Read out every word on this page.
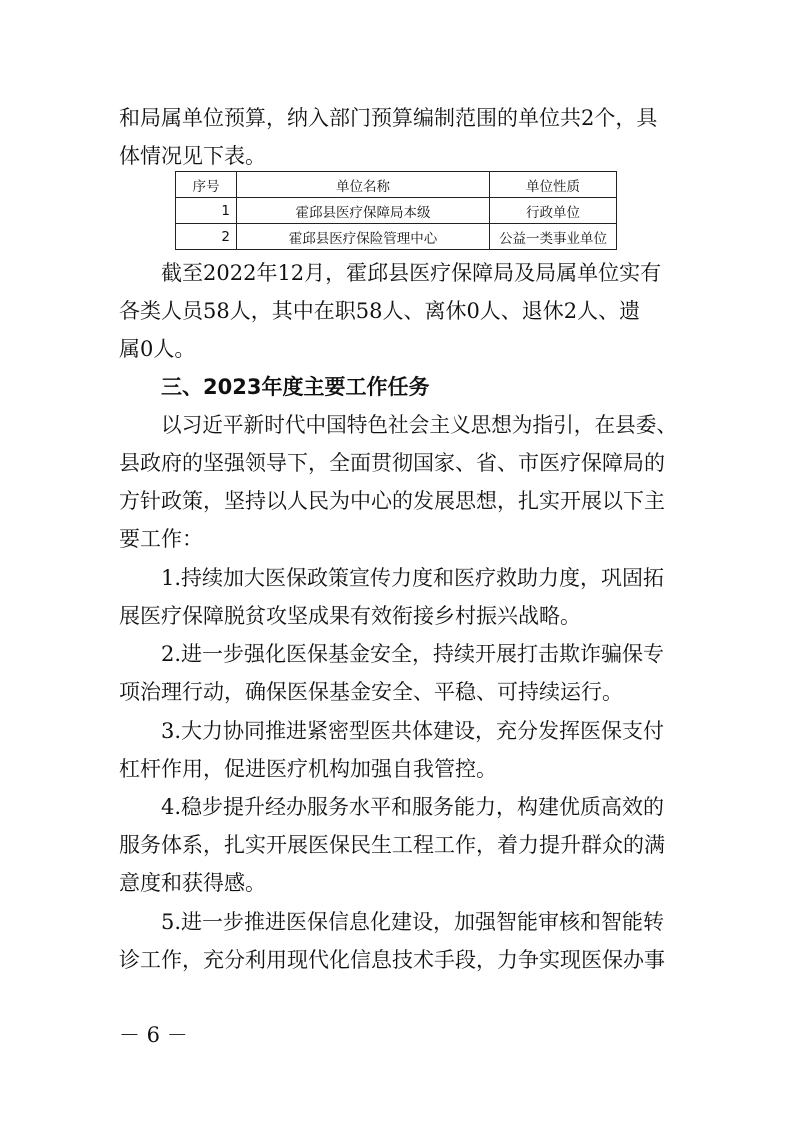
和局属单位预算，纳入部门预算编制范围的单位共2个，具
体情况见下表。
序号	单位名称	单位性质
1	霍邱县医疗保障局本级	行政单位
2	霍邱县医疗保险管理中心	公益一类事业单位
截至2022年12月，霍邱县医疗保障局及局属单位实有
各类人员58人，其中在职58人、离休0人、退休2人、遗
属0人。
三、2023年度主要工作任务
以习近平新时代中国特色社会主义思想为指引，在县委、
县政府的坚强领导下，全面贯彻国家、省、市医疗保障局的
方针政策，坚持以人民为中心的发展思想，扎实开展以下主
要工作：
1.持续加大医保政策宣传力度和医疗救助力度，巩固拓
展医疗保障脱贫攻坚成果有效衔接乡村振兴战略。
2.进一步强化医保基金安全，持续开展打击欺诈骗保专
项治理行动，确保医保基金安全、平稳、可持续运行。
3.大力协同推进紧密型医共体建设，充分发挥医保支付
杠杆作用，促进医疗机构加强自我管控。
4.稳步提升经办服务水平和服务能力，构建优质高效的
服务体系，扎实开展医保民生工程工作，着力提升群众的满
意度和获得感。
5.进一步推进医保信息化建设，加强智能审核和智能转
诊工作，充分利用现代化信息技术手段，力争实现医保办事
－ 6 －
